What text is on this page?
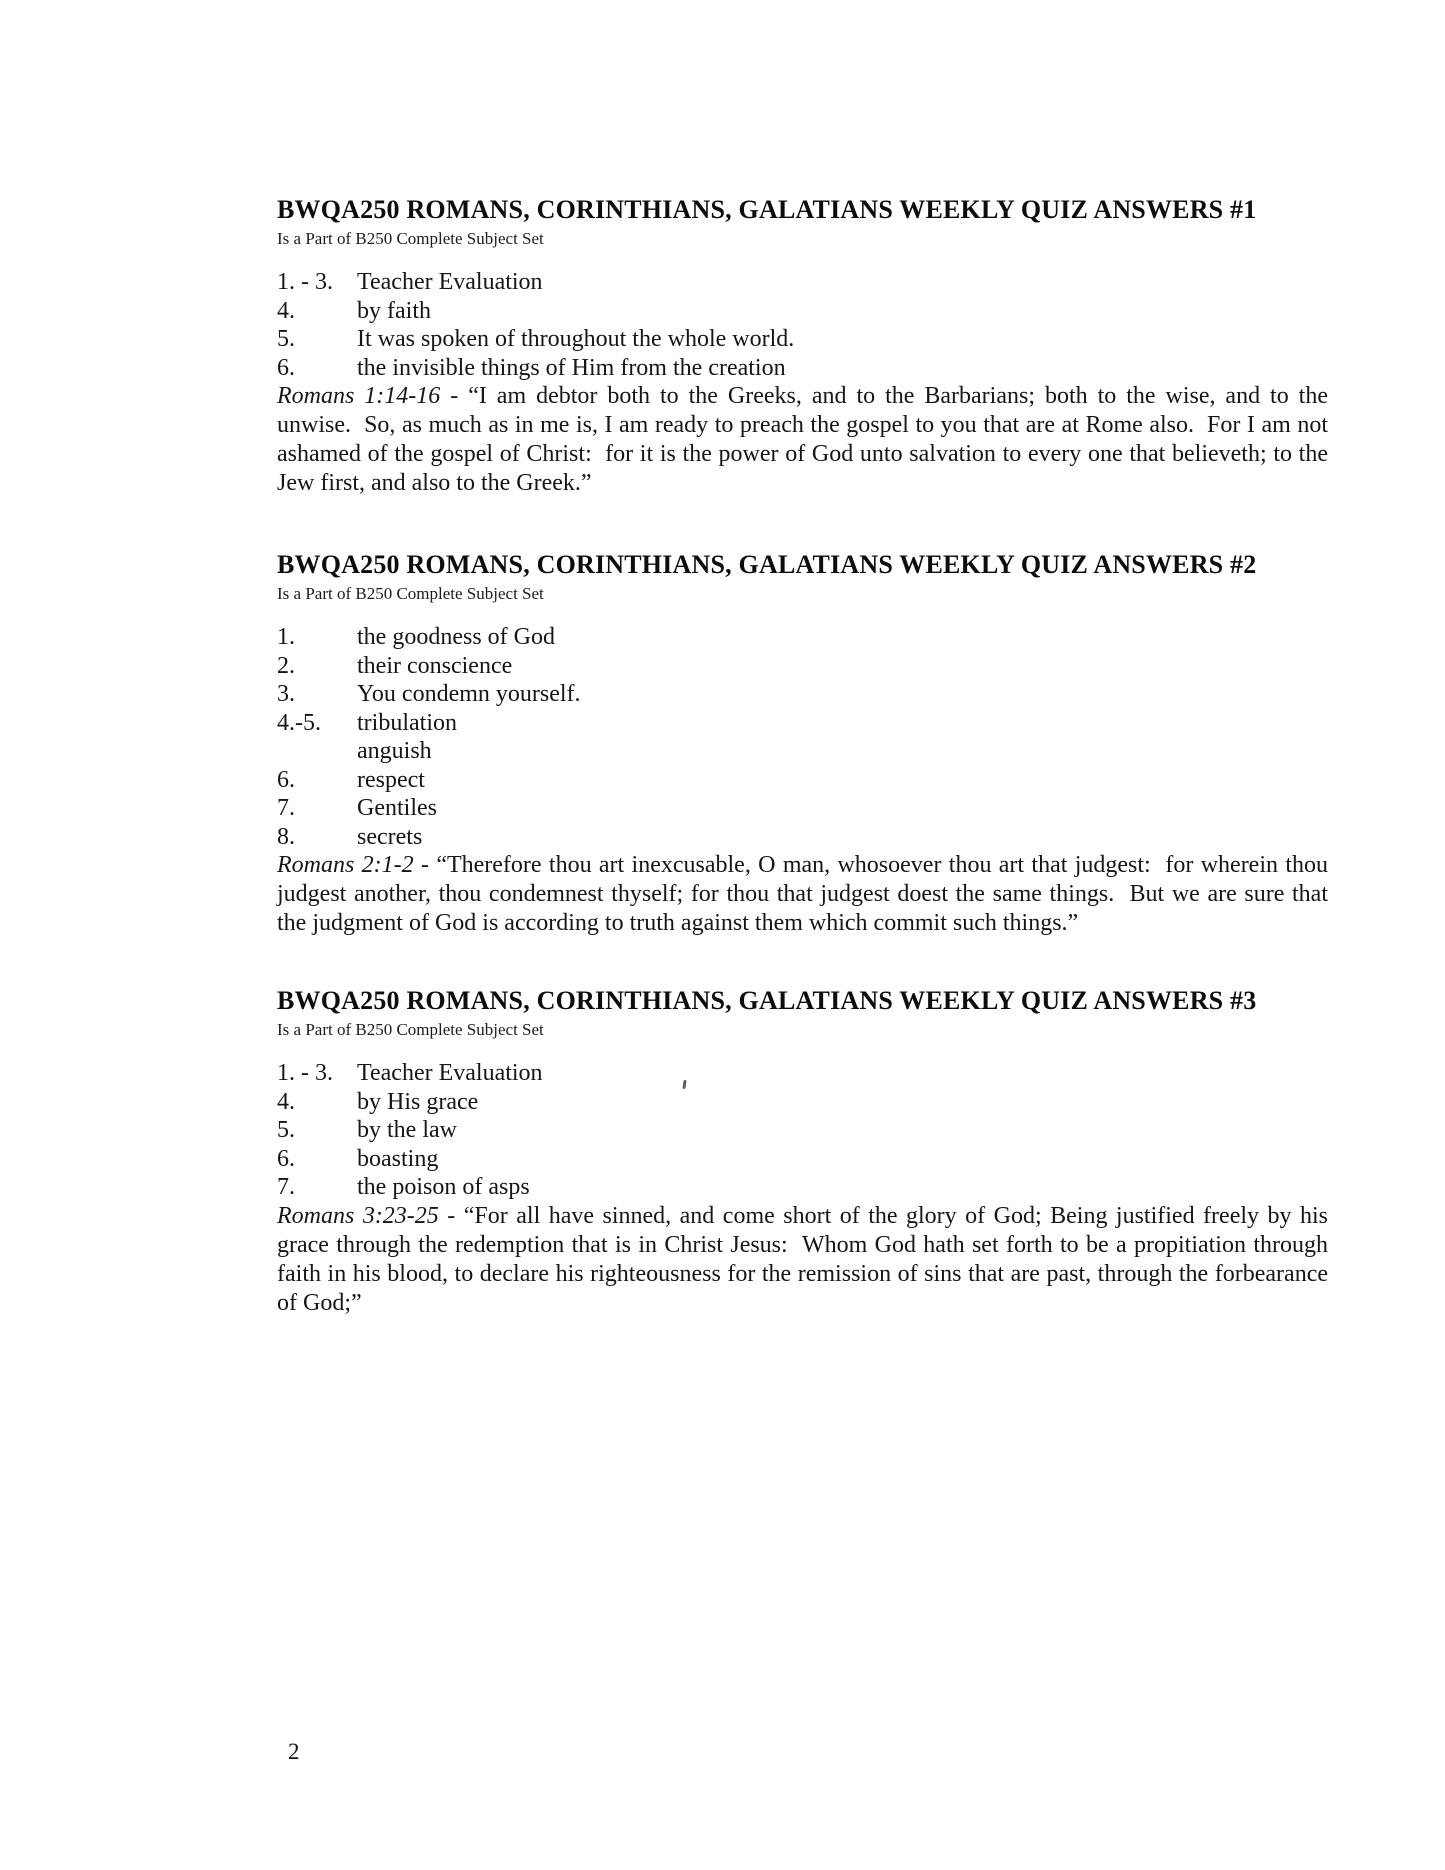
BWQA250 ROMANS, CORINTHIANS, GALATIANS WEEKLY QUIZ ANSWERS #1
Is a Part of B250 Complete Subject Set
1. - 3.	Teacher Evaluation
4.	by faith
5.	It was spoken of throughout the whole world.
6.	the invisible things of Him from the creation

Romans 1:14-16 - “I am debtor both to the Greeks, and to the Barbarians; both to the wise, and to the unwise.  So, as much as in me is, I am ready to preach the gospel to you that are at Rome also.  For I am not ashamed of the gospel of Christ:  for it is the power of God unto salvation to every one that believeth; to the Jew first, and also to the Greek.”

BWQA250 ROMANS, CORINTHIANS, GALATIANS WEEKLY QUIZ ANSWERS #2
Is a Part of B250 Complete Subject Set
1.	the goodness of God
2.	their conscience
3.	You condemn yourself.
4.-5.	tribulation
anguish
6.	respect
7.	Gentiles
8.	secrets

Romans 2:1-2 - “Therefore thou art inexcusable, O man, whosoever thou art that judgest:  for wherein thou judgest another, thou condemnest thyself; for thou that judgest doest the same things.  But we are sure that the judgment of God is according to truth against them which commit such things.”

BWQA250 ROMANS, CORINTHIANS, GALATIANS WEEKLY QUIZ ANSWERS #3
Is a Part of B250 Complete Subject Set
1. - 3.	Teacher Evaluation
4.	by His grace
5.	by the law
6.	boasting
7.	the poison of asps

Romans 3:23-25 - “For all have sinned, and come short of the glory of God; Being justified freely by his grace through the redemption that is in Christ Jesus:  Whom God hath set forth to be a propitiation through faith in his blood, to declare his righteousness for the remission of sins that are past, through the forbearance of God;”

2
